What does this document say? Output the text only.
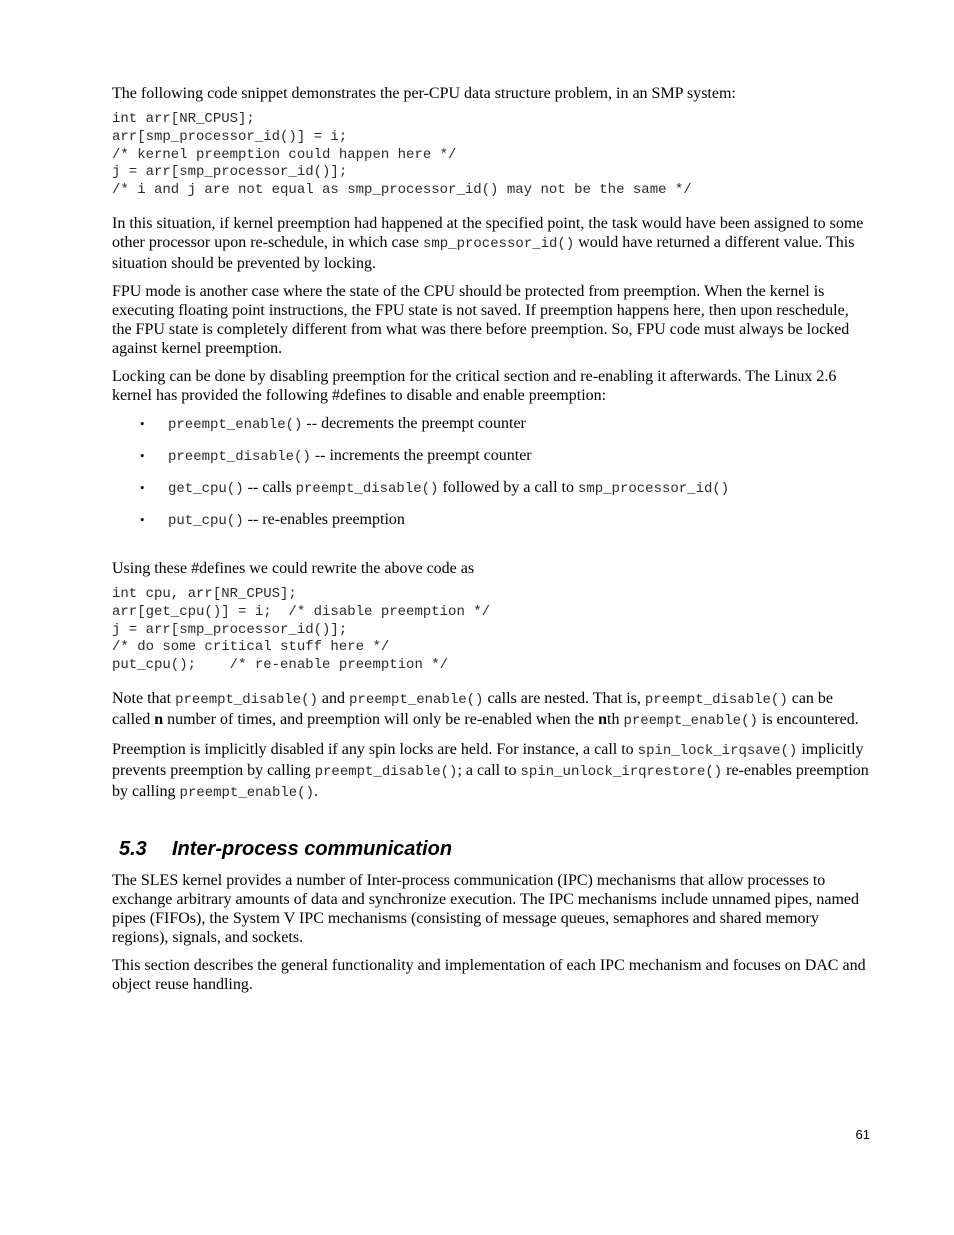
The following code snippet demonstrates the per-CPU data structure problem, in an SMP system:

int arr[NR_CPUS];
arr[smp_processor_id()] = i;
/* kernel preemption could happen here */
j = arr[smp_processor_id()];
/* i and j are not equal as smp_processor_id() may not be the same */

In this situation, if kernel preemption had happened at the specified point, the task would have been assigned to some other processor upon re-schedule, in which case smp_processor_id() would have returned a different value. This situation should be prevented by locking.

FPU mode is another case where the state of the CPU should be protected from preemption. When the kernel is executing floating point instructions, the FPU state is not saved. If preemption happens here, then upon reschedule, the FPU state is completely different from what was there before preemption. So, FPU code must always be locked against kernel preemption.

Locking can be done by disabling preemption for the critical section and re-enabling it afterwards. The Linux 2.6 kernel has provided the following #defines to disable and enable preemption:

• preempt_enable() -- decrements the preempt counter
• preempt_disable() -- increments the preempt counter
• get_cpu() -- calls preempt_disable() followed by a call to smp_processor_id()
• put_cpu() -- re-enables preemption

Using these #defines we could rewrite the above code as

int cpu, arr[NR_CPUS];
arr[get_cpu()] = i;  /* disable preemption */
j = arr[smp_processor_id()];
/* do some critical stuff here */
put_cpu();    /* re-enable preemption */

Note that preempt_disable() and preempt_enable() calls are nested. That is, preempt_disable() can be called n number of times, and preemption will only be re-enabled when the nth preempt_enable() is encountered.

Preemption is implicitly disabled if any spin locks are held. For instance, a call to spin_lock_irqsave() implicitly prevents preemption by calling preempt_disable(); a call to spin_unlock_irqrestore() re-enables preemption by calling preempt_enable().

5.3 Inter-process communication

The SLES kernel provides a number of Inter-process communication (IPC) mechanisms that allow processes to exchange arbitrary amounts of data and synchronize execution. The IPC mechanisms include unnamed pipes, named pipes (FIFOs), the System V IPC mechanisms (consisting of message queues, semaphores and shared memory regions), signals, and sockets.

This section describes the general functionality and implementation of each IPC mechanism and focuses on DAC and object reuse handling.

61
